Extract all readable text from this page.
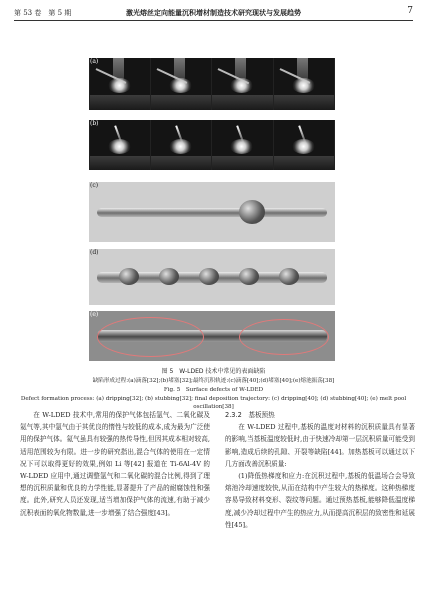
第 53 卷　第 5 期	激光熔丝定向能量沉积增材制造技术研究现状与发展趋势	7
(a)
(b)
(c)
(d)
(e)
图 5　W-LDED 技术中常见的表面缺陷
缺陷形成过程:(a)滴落[32];(b)堵塞[32];最终沉积轨迹:(c)滴落[40];(d)堵塞[40];(e)熔池振荡[38]
Fig. 5　Surface defects of W-LDED
Defect formation process: (a) dripping[32]; (b) stubbing[32]; final deposition trajectory: (c) dripping[40]; (d) stubbing[40]; (e) melt pool oscillation[38]

在 W-LDED 技术中,常用的保护气体包括氩气、二氧化碳及氦气等,其中氩气由于其优良的惰性与较低的成本,成为最为广泛使用的保护气体。氦气虽具有较强的热传导性,但因其成本相对较高,适用范围较为有限。进一步的研究指出,混合气体的使用在一定情况下可以取得更好的效果,例如 Li 等[42] 报道在 Ti-6Al-4V 的 W-LDED 应用中,通过调整氩气和二氧化碳的混合比例,得到了理想的沉积质量和优良的力学性能,显著提升了产品的耐腐蚀性和强度。此外,研究人员还发现,适当增加保护气体的流速,有助于减少沉积表面的氧化物数量,进一步增强了结合强度[43]。

2.3.2　基板预热

在 W-LDED 过程中,基板的温度对材料的沉积质量具有显著的影响,当基板温度较低时,由于快速冷却第一层沉积质量可能受到影响,造成后续的孔隙、开裂等缺陷[44]。加热基板可以通过以下几方面改善沉积质量:

(1)降低热梯度和应力:在沉积过程中,基板的低温场合会导致熔池冷却速度较快,从而在结构中产生较大的热梯度。这种热梯度容易导致材料变形、裂纹等问题。通过预热基板,能够降低温度梯度,减少冷却过程中产生的热应力,从而提高沉积层的致密性和延展性[45]。
